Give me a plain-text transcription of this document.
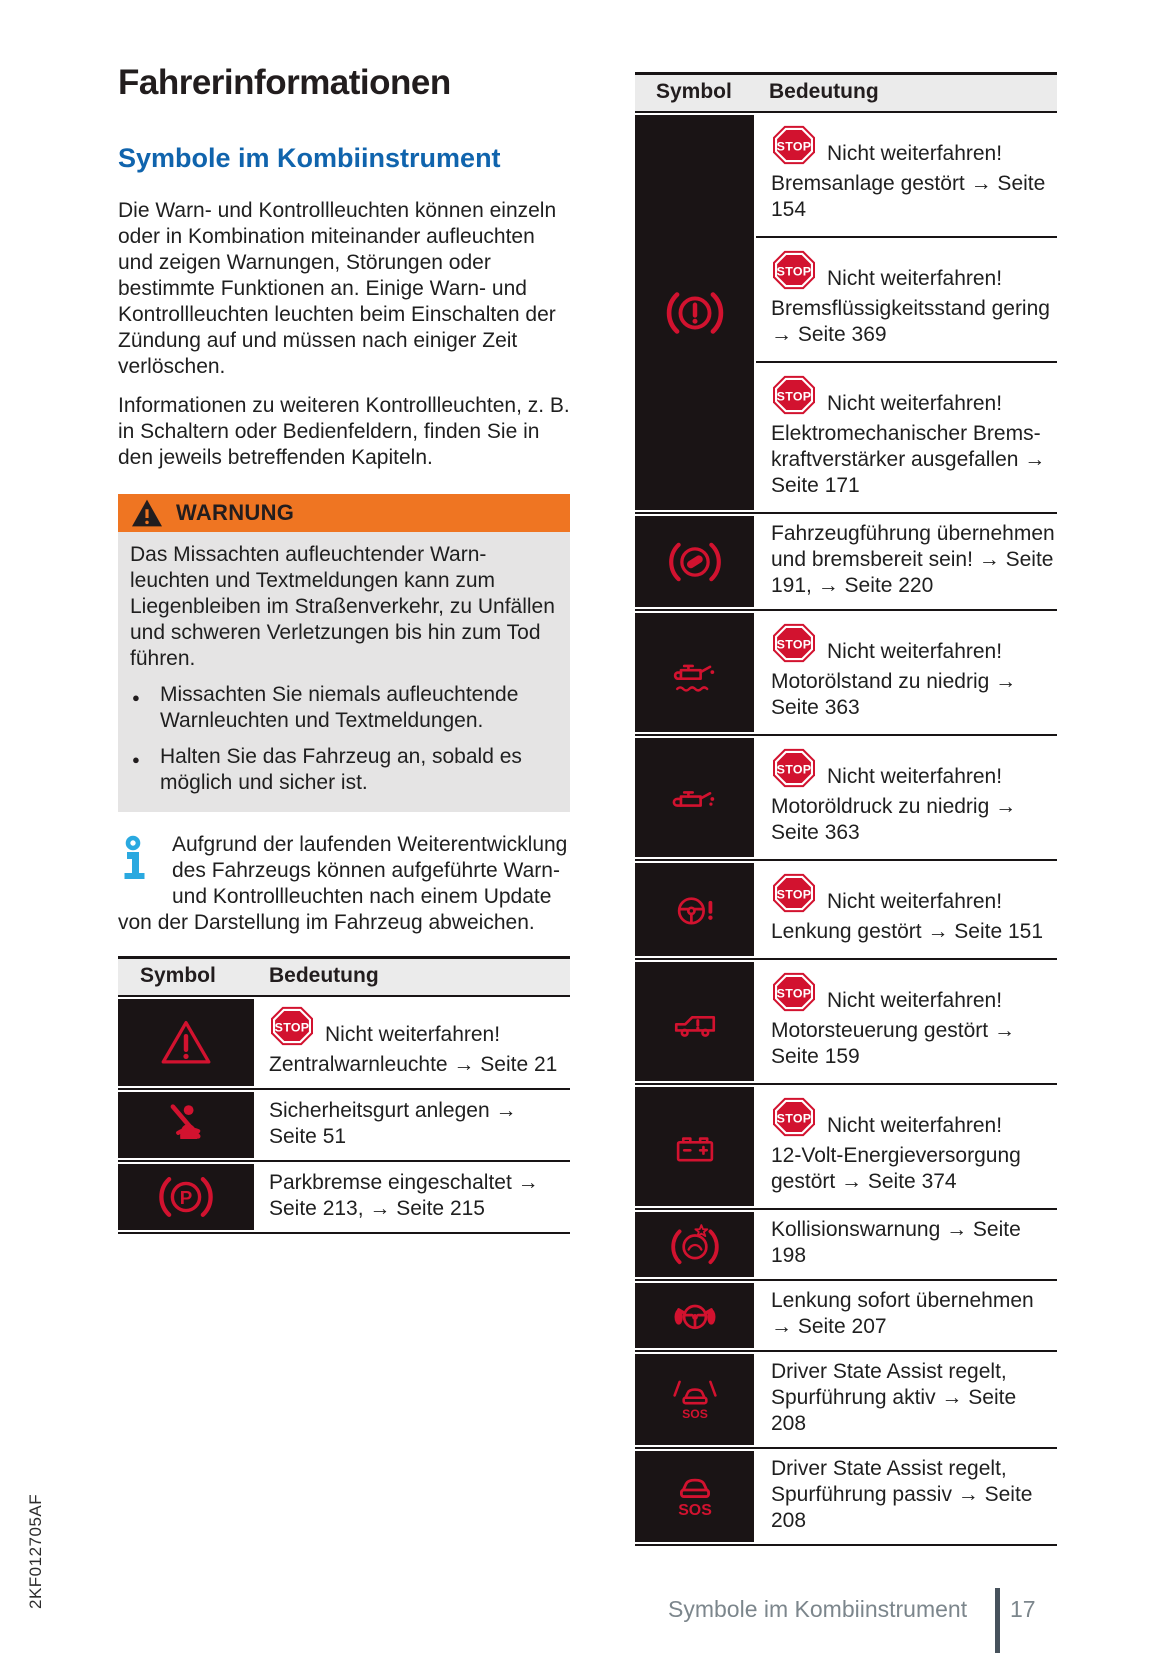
Fahrerinformationen
Symbole im Kombiinstrument

Die Warn- und Kontrollleuchten können einzeln oder in Kombination miteinander aufleuchten und zeigen Warnungen, Störungen oder bestimmte Funktionen an. Einige Warn- und Kontrollleuchten leuchten beim Einschalten der Zündung auf und müssen nach einiger Zeit verlöschen.

Informationen zu weiteren Kontrollleuchten, z. B. in Schaltern oder Bedienfeldern, finden Sie in den jeweils betreffenden Kapiteln.

WARNUNG
Das Missachten aufleuchtender Warnleuchten und Textmeldungen kann zum Liegenbleiben im Straßenverkehr, zu Unfällen und schweren Verletzungen bis hin zum Tod führen.
● Missachten Sie niemals aufleuchtende Warnleuchten und Textmeldungen.
● Halten Sie das Fahrzeug an, sobald es möglich und sicher ist.
Aufgrund der laufenden Weiterentwicklung des Fahrzeugs können aufgeführte Warn- und Kontrollleuchten nach einem Update von der Darstellung im Fahrzeug abweichen.
Symbol	Bedeutung
Nicht weiterfahren!
Zentralwarnleuchte → Seite 21
Sicherheitsgurt anlegen → Seite 51
P
Parkbremse eingeschaltet → Seite 213, → Seite 215
Symbol	Bedeutung
Nicht weiterfahren!
Bremsanlage gestört → Seite 154
Nicht weiterfahren!
Bremsflüssigkeitsstand gering → Seite 369
Nicht weiterfahren!
Elektromechanischer Bremskraftverstärker ausgefallen → Seite 171
Fahrzeugführung übernehmen und bremsbereit sein! → Seite 191, → Seite 220
Nicht weiterfahren!
Motorölstand zu niedrig → Seite 363
Nicht weiterfahren!
Motoröldruck zu niedrig → Seite 363
Nicht weiterfahren!
Lenkung gestört → Seite 151
Nicht weiterfahren!
Motorsteuerung gestört → Seite 159
Nicht weiterfahren!
12-Volt-Energieversorgung gestört → Seite 374
Kollisionswarnung → Seite 198
Lenkung sofort übernehmen → Seite 207
SOS
Driver State Assist regelt, Spurführung aktiv → Seite 208
SOS
Driver State Assist regelt, Spurführung passiv → Seite 208
Symbole im Kombiinstrument 17
2KF012705AF
